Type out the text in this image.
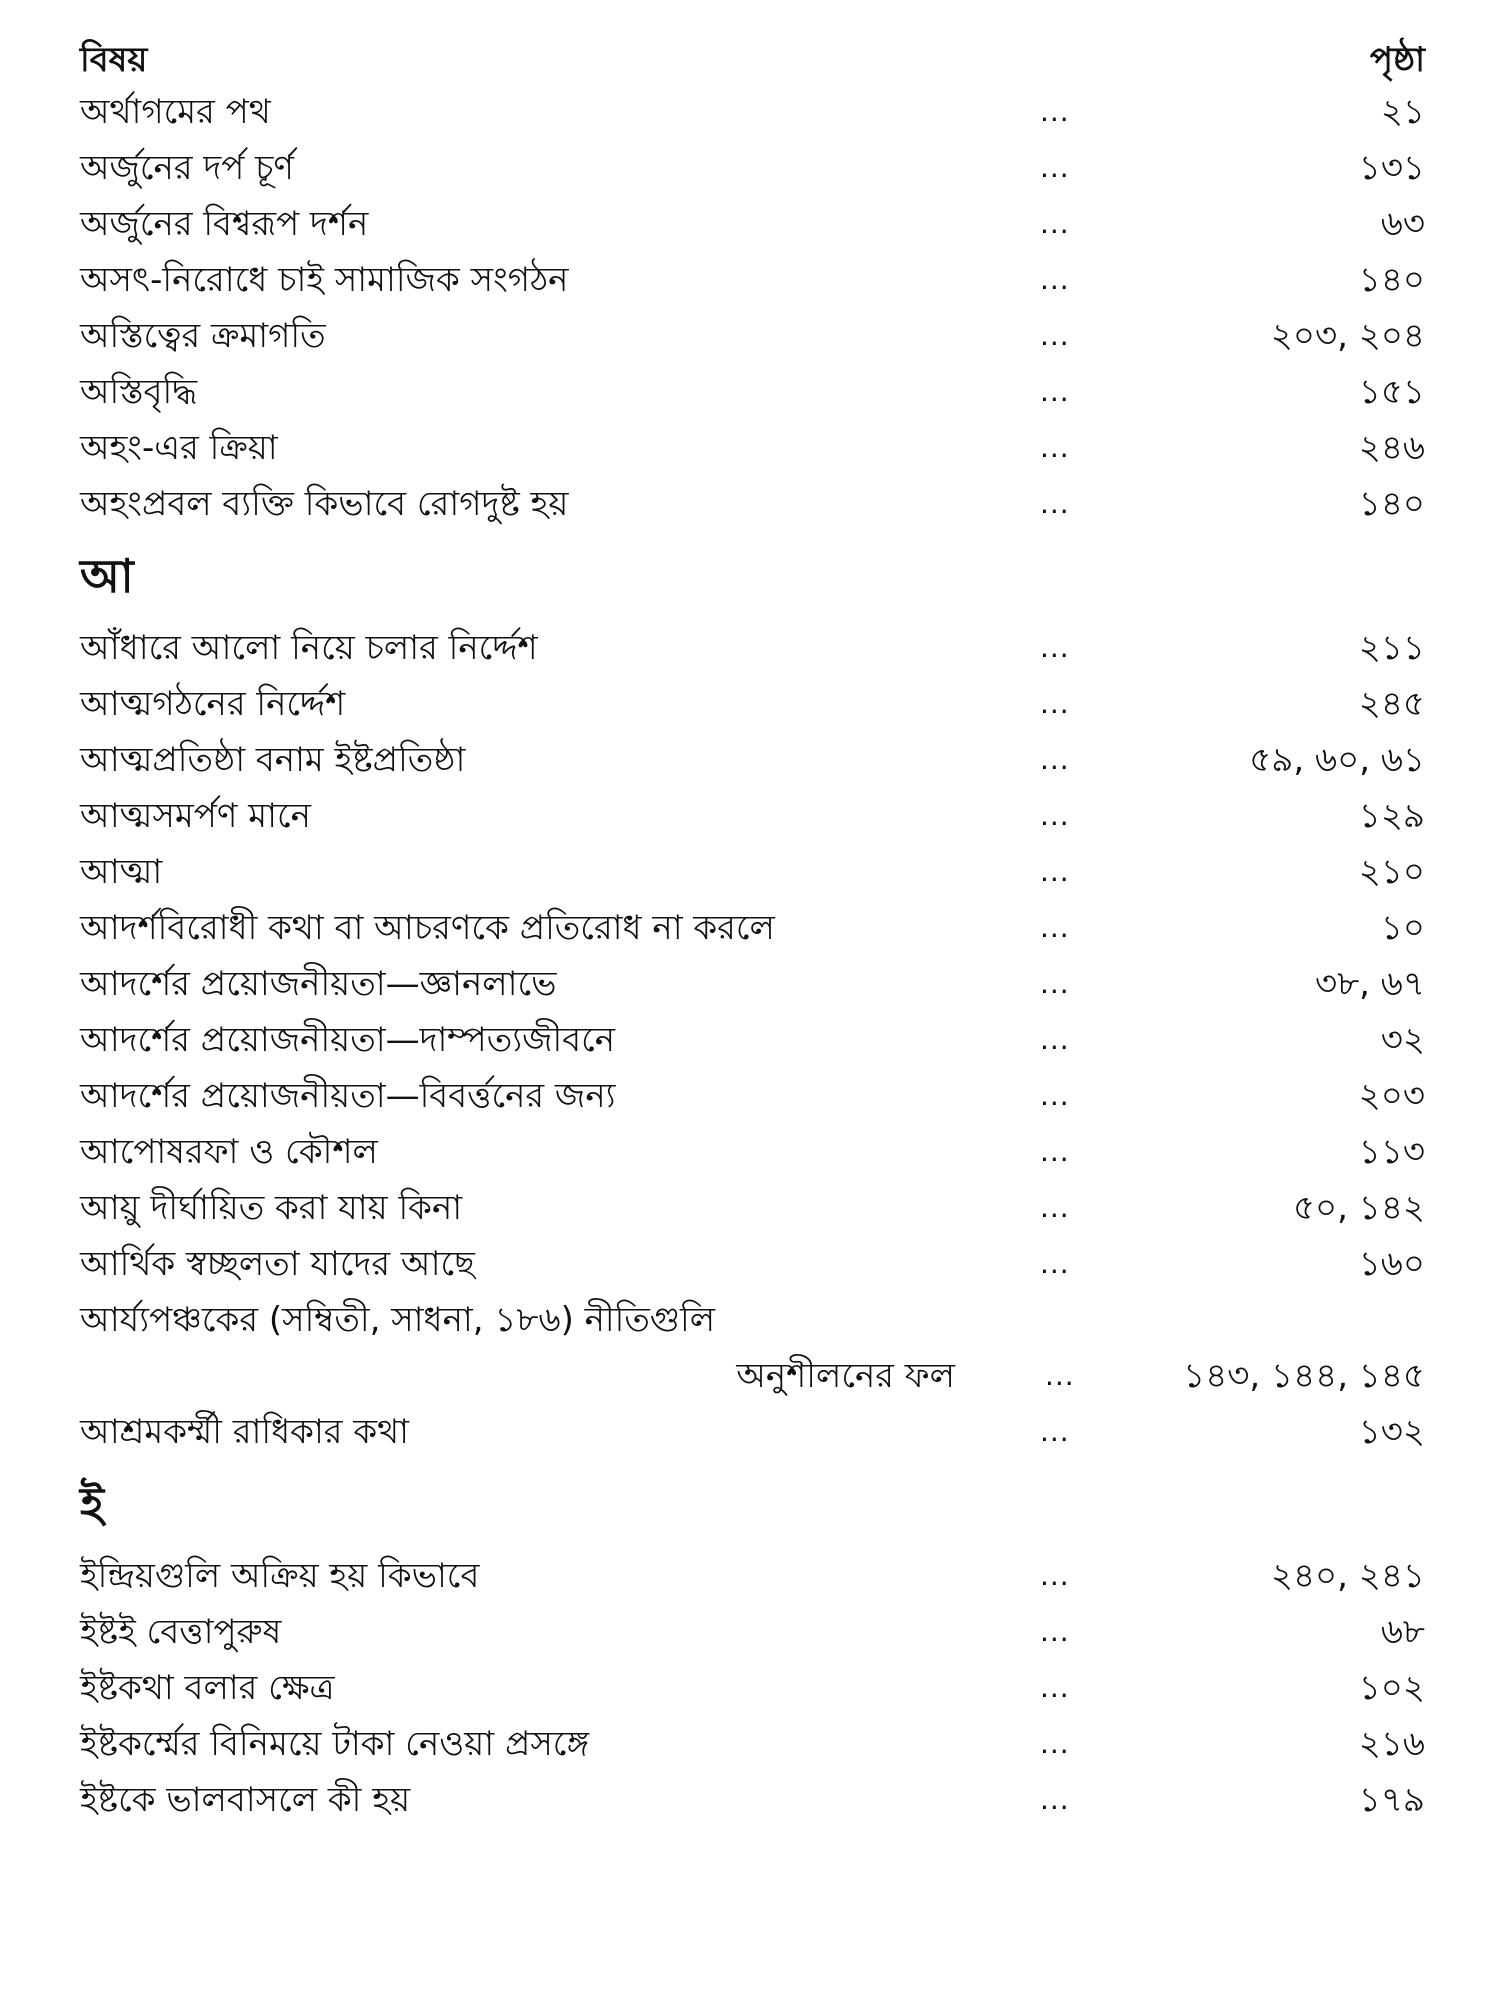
বিষয়	পৃষ্ঠা
অর্থাগমের পথ	...	২১
অর্জুনের দর্প চূর্ণ	...	১৩১
অর্জুনের বিশ্বরূপ দর্শন	...	৬৩
অসৎ-নিরোধে চাই সামাজিক সংগঠন	...	১৪০
অস্তিত্বের ক্রমাগতি	...	২০৩, ২০৪
অস্তিবৃদ্ধি	...	১৫১
অহং-এর ক্রিয়া	...	২৪৬
অহংপ্রবল ব্যক্তি কিভাবে রোগদুষ্ট হয়	...	১৪০
আ
আঁধারে আলো নিয়ে চলার নির্দ্দেশ	...	২১১
আত্মগঠনের নির্দ্দেশ	...	২৪৫
আত্মপ্রতিষ্ঠা বনাম ইষ্টপ্রতিষ্ঠা	...	৫৯, ৬০, ৬১
আত্মসমর্পণ মানে	...	১২৯
আত্মা	...	২১০
আদর্শবিরোধী কথা বা আচরণকে প্রতিরোধ না করলে	...	১০
আদর্শের প্রয়োজনীয়তা—জ্ঞানলাভে	...	৩৮, ৬৭
আদর্শের প্রয়োজনীয়তা—দাম্পত্যজীবনে	...	৩২
আদর্শের প্রয়োজনীয়তা—বিবর্ত্তনের জন্য	...	২০৩
আপোষরফা ও কৌশল	...	১১৩
আয়ু দীর্ঘায়িত করা যায় কিনা	...	৫০, ১৪২
আর্থিক স্বচ্ছলতা যাদের আছে	...	১৬০
আর্য্যপঞ্চকের (সম্বিতী, সাধনা, ১৮৬) নীতিগুলি
অনুশীলনের ফল	...	১৪৩, ১৪৪, ১৪৫
আশ্রমকর্ম্মী রাধিকার কথা	...	১৩২
ই
ইন্দ্রিয়গুলি অক্রিয় হয় কিভাবে	...	২৪০, ২৪১
ইষ্টই বেত্তাপুরুষ	...	৬৮
ইষ্টকথা বলার ক্ষেত্র	...	১০২
ইষ্টকর্ম্মের বিনিময়ে টাকা নেওয়া প্রসঙ্গে	...	২১৬
ইষ্টকে ভালবাসলে কী হয়	...	১৭৯
